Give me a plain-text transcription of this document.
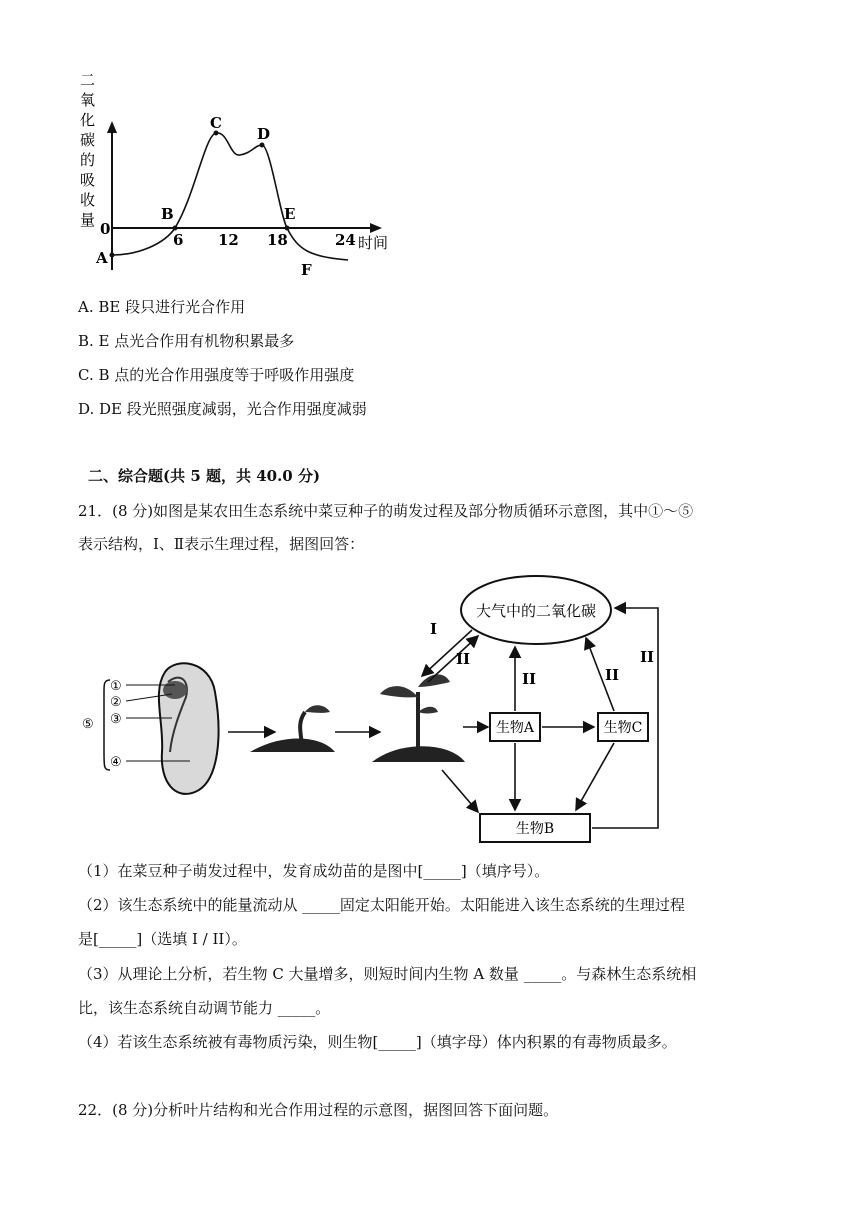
二
氧
化
碳
的
吸
收
量 0
6 12 18	24 时间
A
B
C
D
E
F
A. BE 段只进行光合作用
B. E 点光合作用有机物积累最多
C. B 点的光合作用强度等于呼吸作用强度
D. DE 段光照强度减弱，光合作用强度减弱
二、综合题(共 5 题，共 40.0 分)
21．(8 分)如图是某农田生态系统中菜豆种子的萌发过程及部分物质循环示意图，其中①～⑤
表示结构，Ⅰ、Ⅱ表示生理过程，据图回答：
①
②
③
④
⑤
大气中的二氧化碳
生物A	生物C
生物B
I
II
II	II
II
（1）在菜豆种子萌发过程中，发育成幼苗的是图中[_____]（填序号）。
（2）该生态系统中的能量流动从 _____固定太阳能开始。太阳能进入该生态系统的生理过程
是[_____]（选填 I / II）。
（3）从理论上分析，若生物 C 大量增多，则短时间内生物 A 数量 _____。与森林生态系统相
比，该生态系统自动调节能力 _____。
（4）若该生态系统被有毒物质污染，则生物[_____]（填字母）体内积累的有毒物质最多。
22．(8 分)分析叶片结构和光合作用过程的示意图，据图回答下面问题。
